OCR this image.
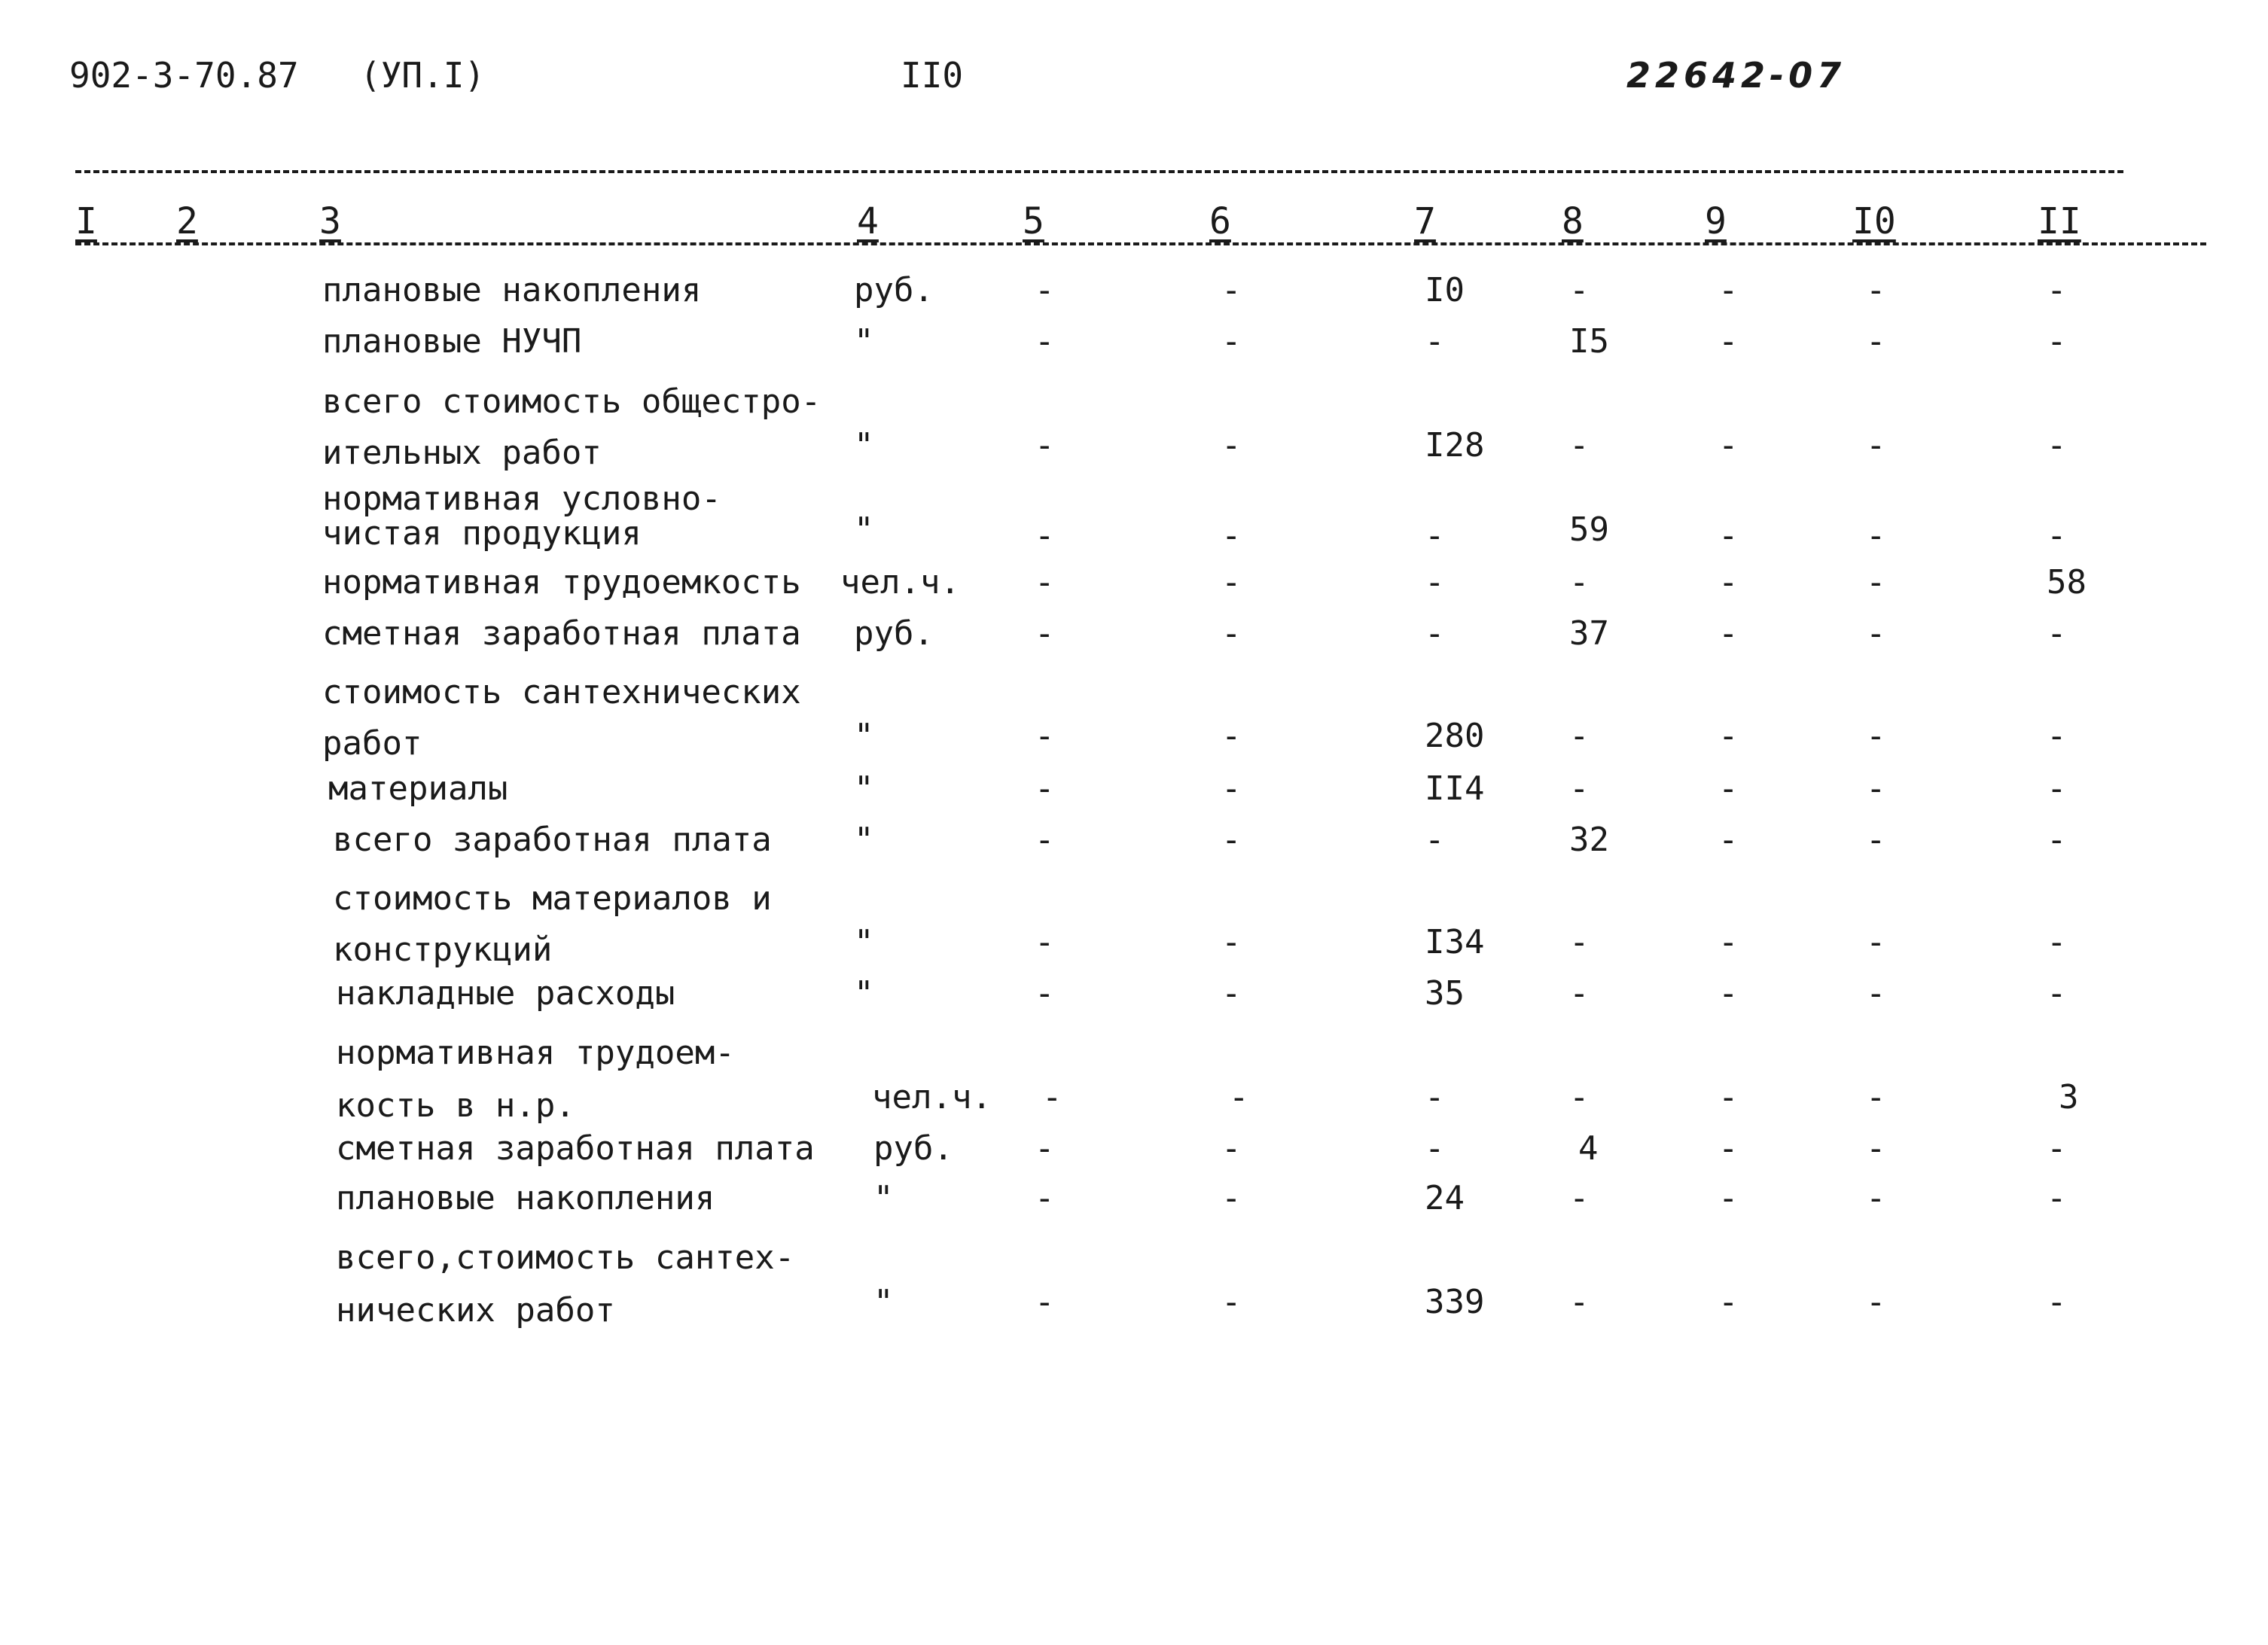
902-3-70.87 (УП.I)	II0	22642-07
I 2	3	4	5	6	7	8	9	I0	II
плановые накопления	руб.	-	-	I0	-	-	-	-
плановые НУЧП	"	-	-	-	I5	-	-	-
всего стоимость общестро-
ительных работ	"	-	-	I28	-	-	-	-
нормативная условно-
чистая продукция	"	-	-	-	59	-	-	-
нормативная трудоемкость	чел.ч. -	-	-	-	-	-	58
сметная заработная плата	руб.	-	-	-	37	-	-	-
стоимость сантехнических
работ	"	-	-	280	-	-	-	-
материалы	"	-	-	II4	-	-	-	-
всего заработная плата	"	-	-	-	32	-	-	-
стоимость материалов и
конструкций	"	-	-	I34	-	-	-	-
накладные расходы	"	-	-	35	-	-	-	-
нормативная трудоем-
кость в н.р.	чел.ч. -	-	-	-	-	-	3
сметная заработная плата	руб. -	-	-	4	-	-	-
плановые накопления	"	-	-	24	-	-	-	-
всего,стоимость сантех-
нических работ	"	-	-	339	-	-	-	-
